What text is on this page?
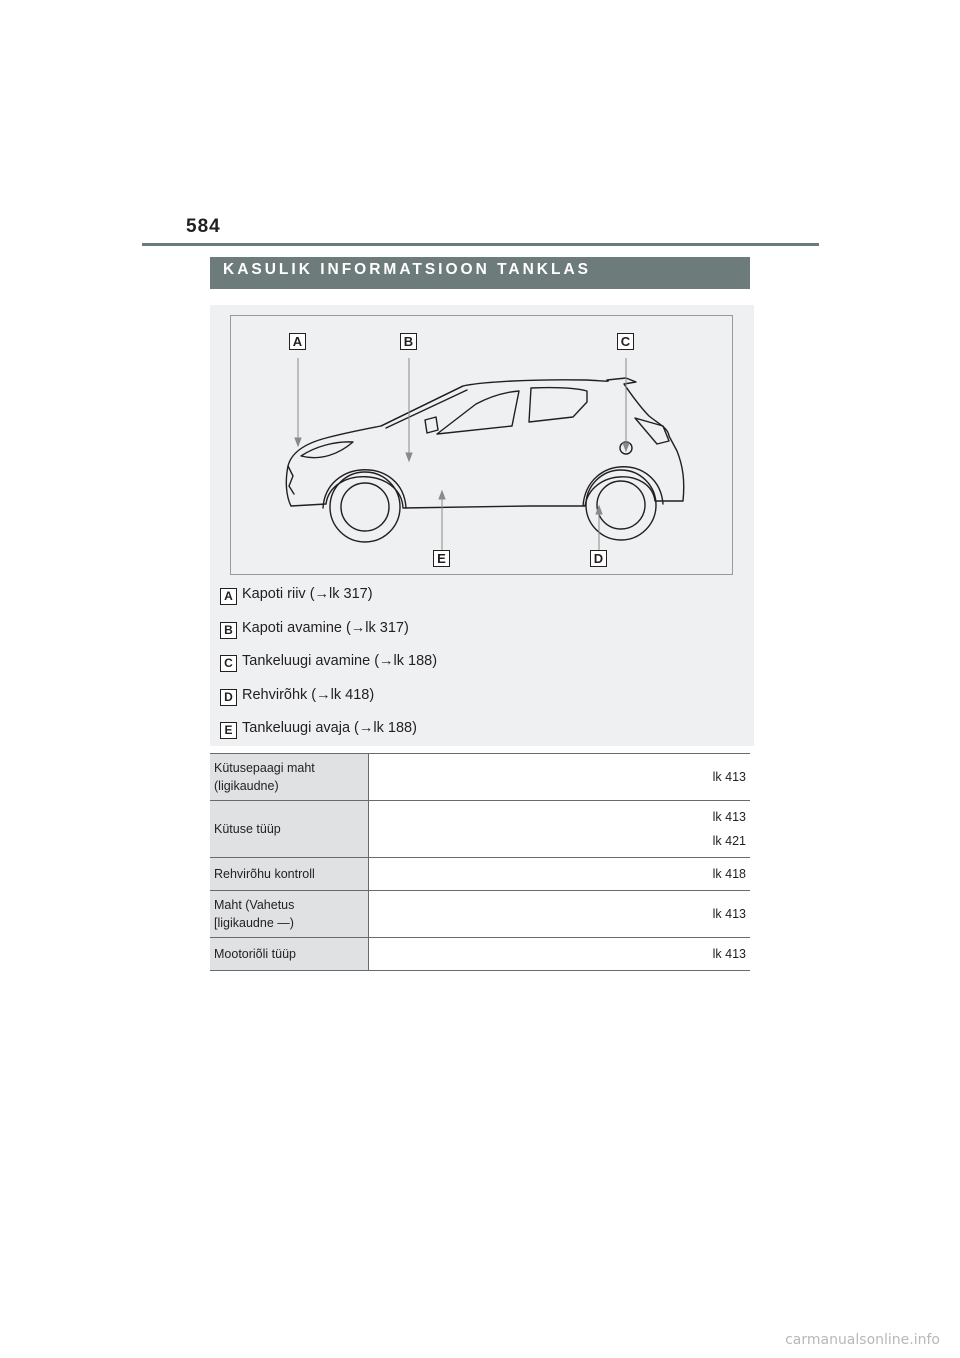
584
KASULIK INFORMATSIOON TANKLAS
A	B	C
D
E
A Kapoti riiv (→lk 317)
B Kapoti avamine (→lk 317)
C Tankeluugi avamine (→lk 188)
D Rehvirõhk (→lk 418)
E Tankeluugi avaja (→lk 188)
Kütusepaagi maht
(ligikaudne)	lk 413

Kütuse tüüp	lk 413
lk 421

Rehvirõhu kontroll	lk 418

Maht (Vahetus
[ligikaudne —)	lk 413

Mootoriõli tüüp	lk 413
carmanualsonline.info
